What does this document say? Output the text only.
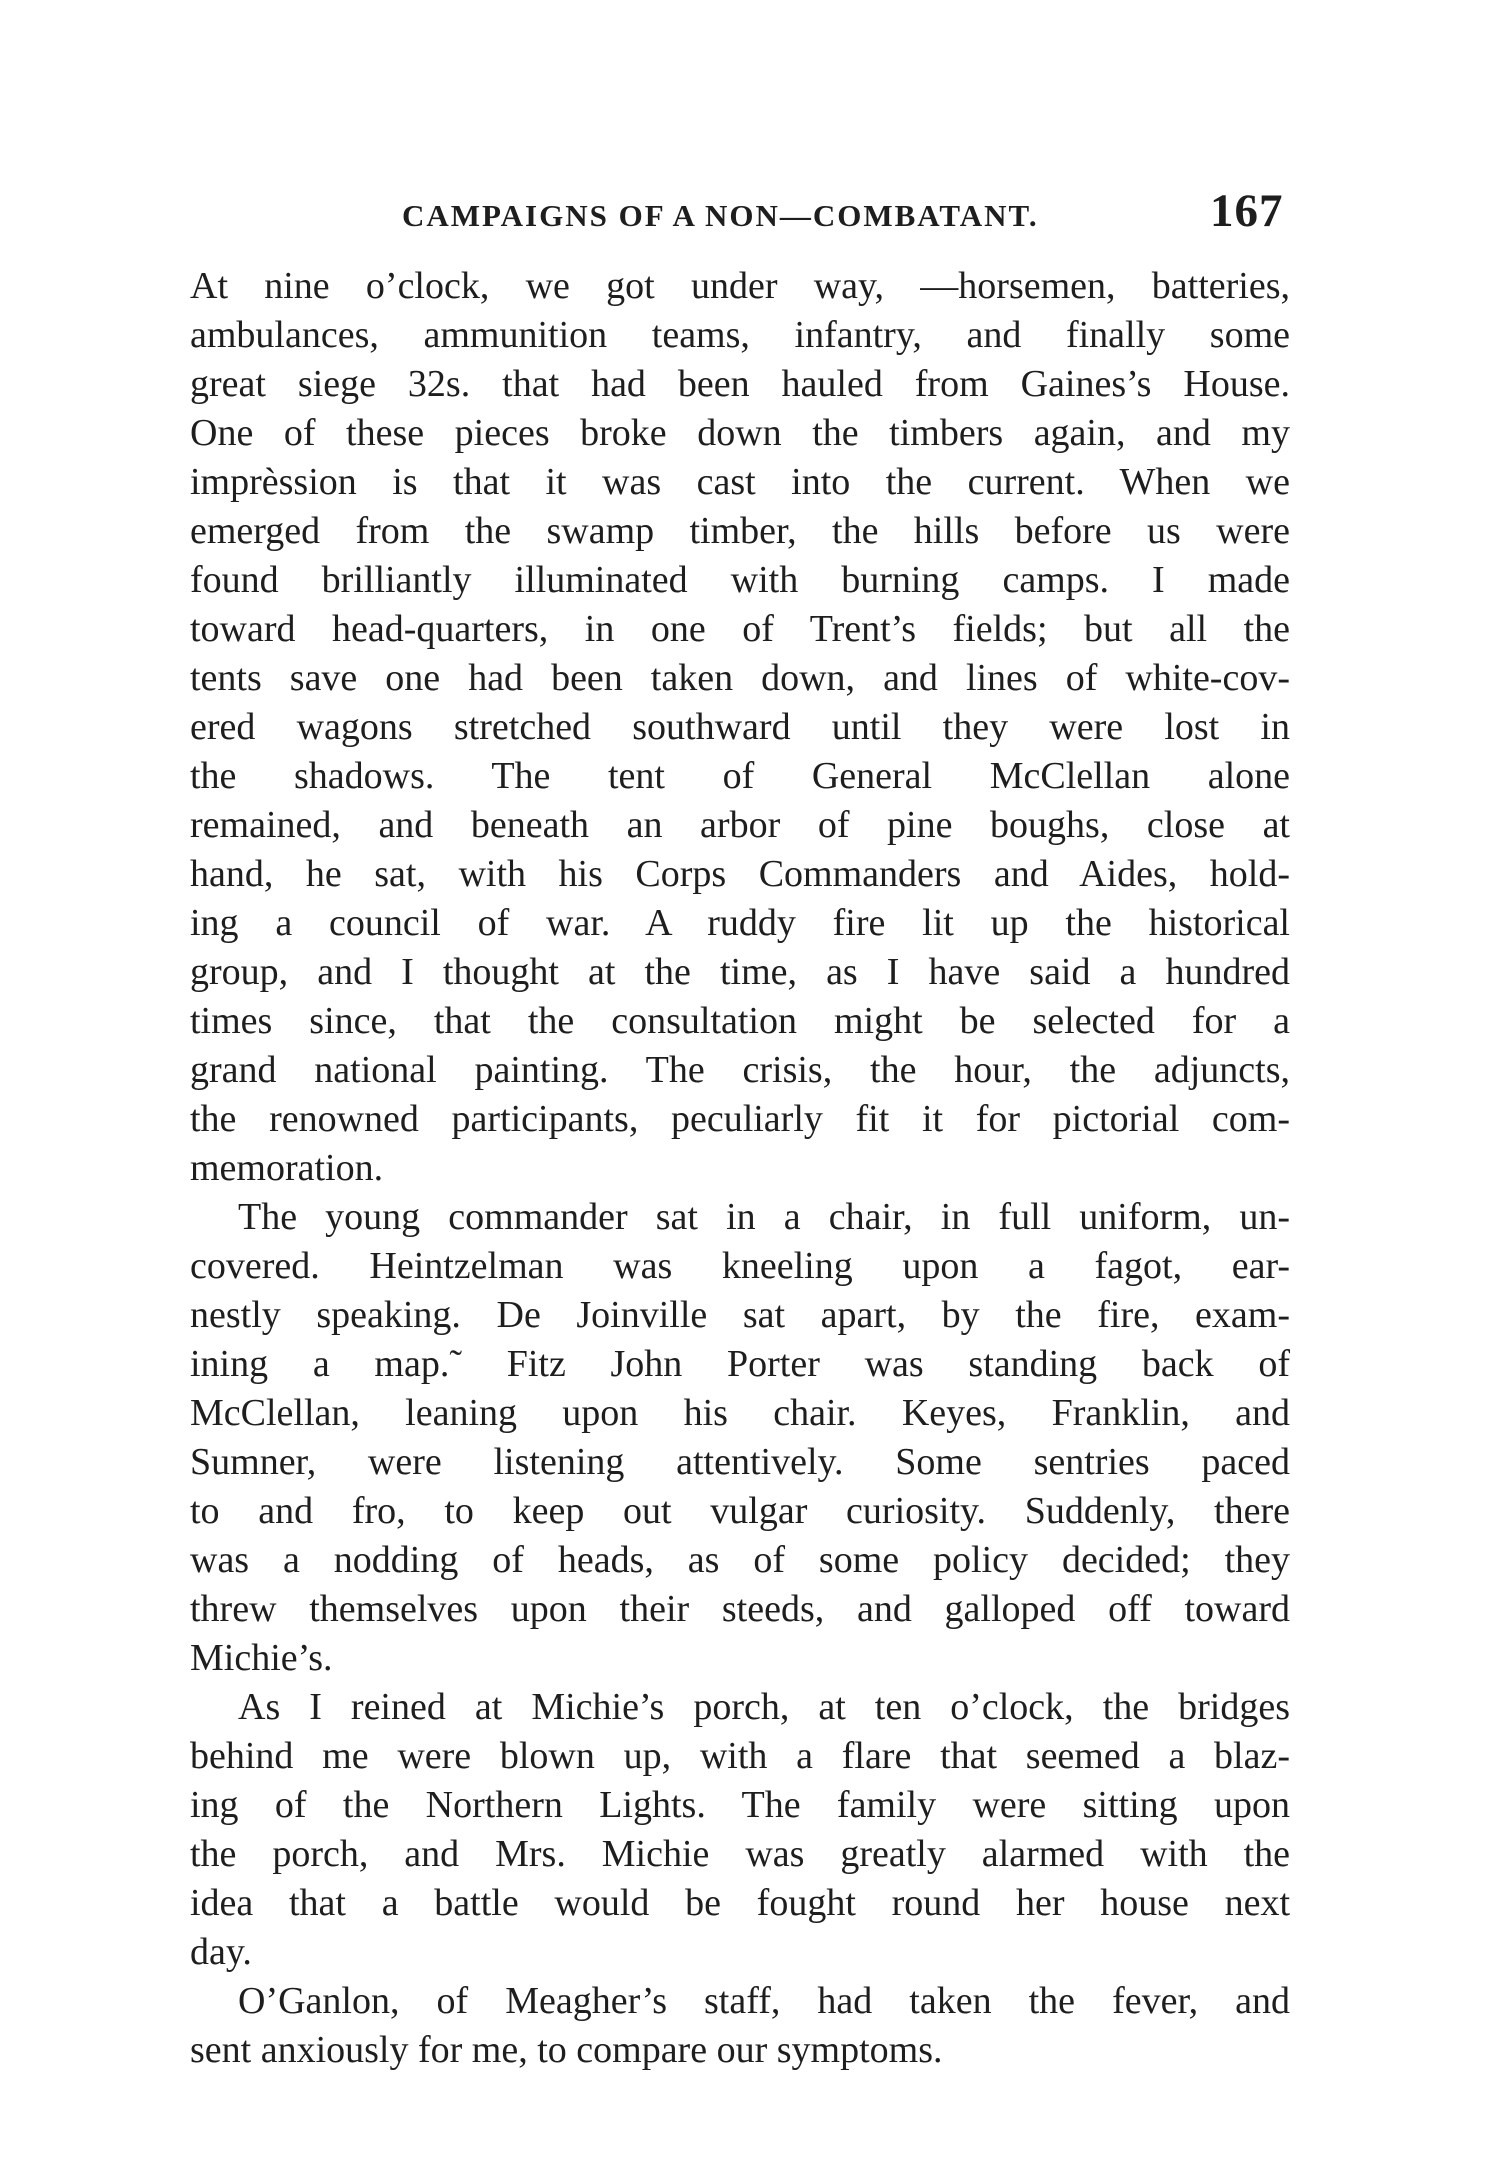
CAMPAIGNS OF A NON—COMBATANT.	167
At nine o’clock, we got under way, —horsemen, batteries,
ambulances, ammunition teams, infantry, and finally some
great siege 32s. that had been hauled from Gaines’s House.
One of these pieces broke down the timbers again, and my
imprèssion is that it was cast into the current. When we
emerged from the swamp timber, the hills before us were
found brilliantly illuminated with burning camps. I made
toward head-quarters, in one of Trent’s fields; but all the
tents save one had been taken down, and lines of white-cov-
ered wagons stretched southward until they were lost in
the shadows. The tent of General McClellan alone
remained, and beneath an arbor of pine boughs, close at
hand, he sat, with his Corps Commanders and Aides, hold-
ing a council of war. A ruddy fire lit up the historical
group, and I thought at the time, as I have said a hundred
times since, that the consultation might be selected for a
grand national painting. The crisis, the hour, the adjuncts,
the renowned participants, peculiarly fit it for pictorial com-
memoration.
The young commander sat in a chair, in full uniform, un-
covered. Heintzelman was kneeling upon a fagot, ear-
nestly speaking. De Joinville sat apart, by the fire, exam-
ining a map.˜ Fitz John Porter was standing back of
McClellan, leaning upon his chair. Keyes, Franklin, and
Sumner, were listening attentively. Some sentries paced
to and fro, to keep out vulgar curiosity. Suddenly, there
was a nodding of heads, as of some policy decided; they
threw themselves upon their steeds, and galloped off toward
Michie’s.
As I reined at Michie’s porch, at ten o’clock, the bridges
behind me were blown up, with a flare that seemed a blaz-
ing of the Northern Lights. The family were sitting upon
the porch, and Mrs. Michie was greatly alarmed with the
idea that a battle would be fought round her house next
day.
O’Ganlon, of Meagher’s staff, had taken the fever, and
sent anxiously for me, to compare our symptoms.
